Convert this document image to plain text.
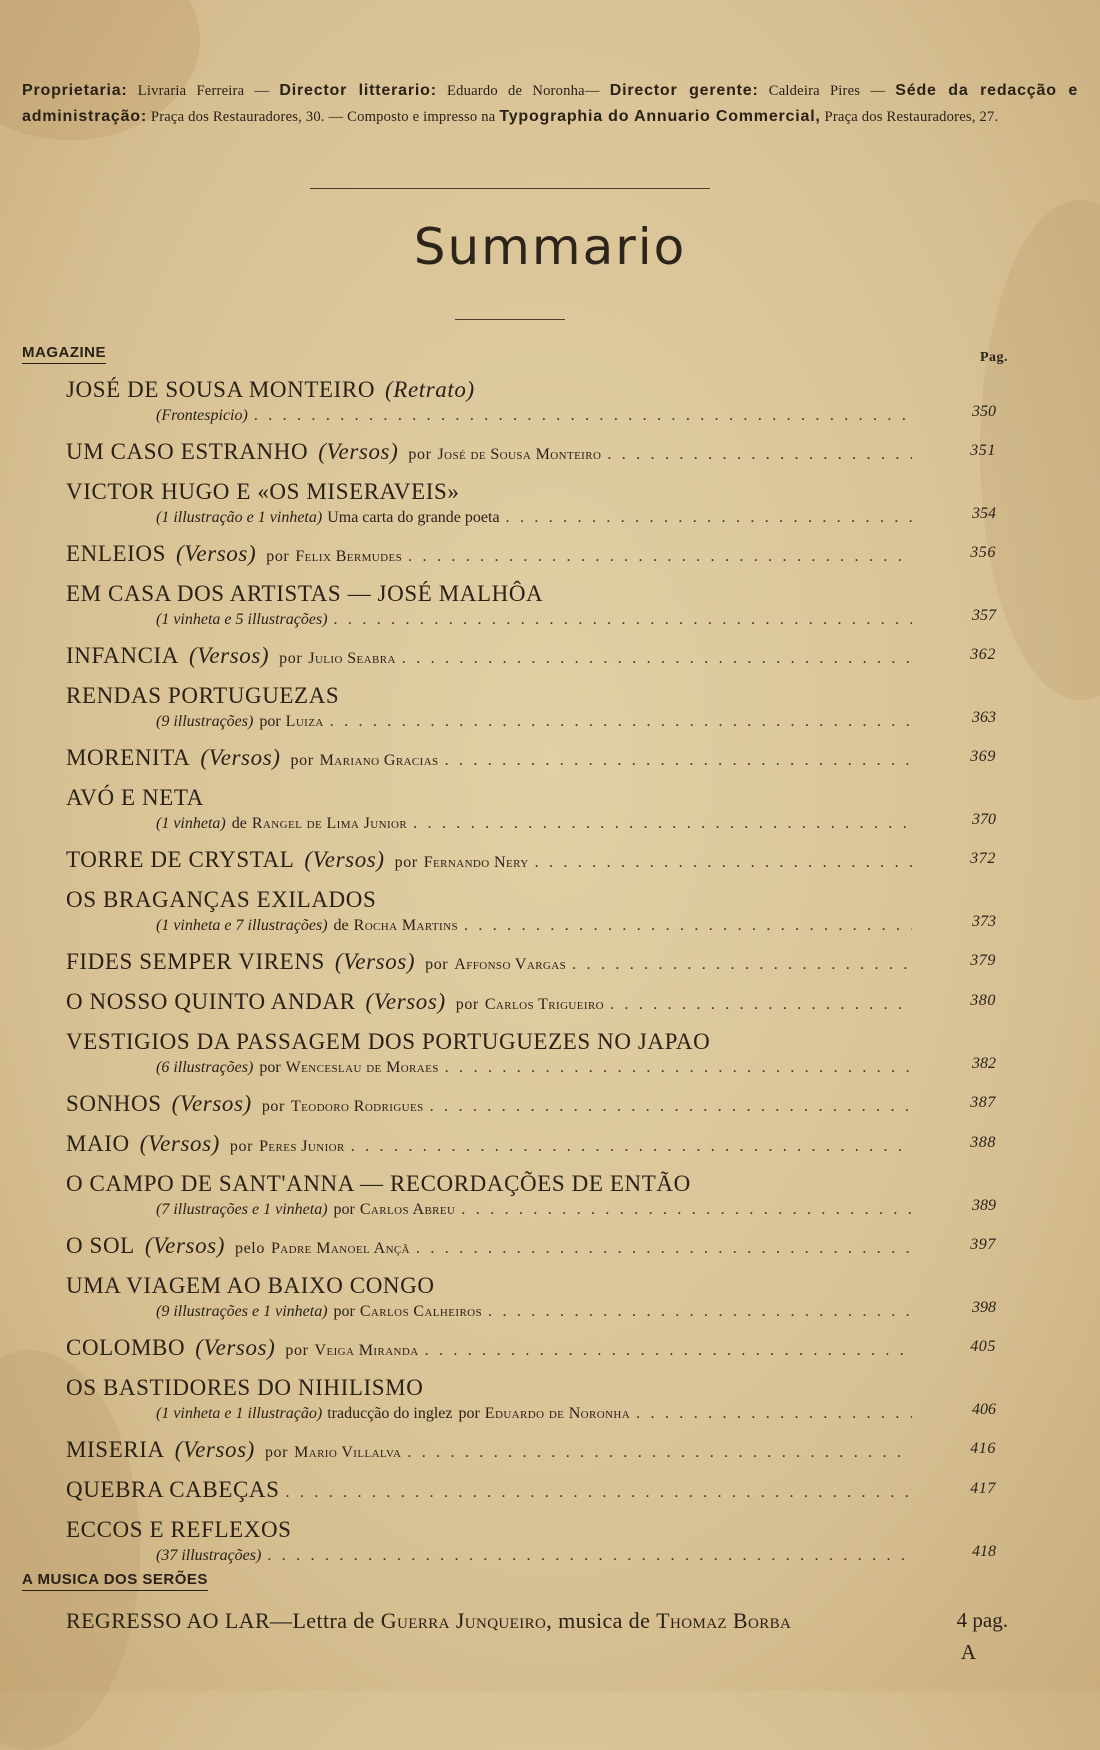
Proprietaria: Livraria Ferreira — Director litterario: Eduardo de Noronha— Director gerente: Caldeira Pires — Séde da redacção e administração: Praça dos Restauradores, 30. — Composto e impresso na Typographia do Annuario Commercial, Praça dos Restauradores, 27.
Summario
MAGAZINE	Pag.
JOSÉ DE SOUSA MONTEIRO (Retrato)
(Frontespicio) . . .	350
UM CASO ESTRANHO (Versos) por José de Sousa Monteiro . . .	351
VICTOR HUGO E «OS MISERAVEIS»
(1 illustração e 1 vinheta) Uma carta do grande poeta . . .	354
ENLEIOS (Versos) por Felix Bermudes . . .	356
EM CASA DOS ARTISTAS — JOSÉ MALHÔA
(1 vinheta e 5 illustrações) . . .	357
INFANCIA (Versos) por Julio Seabra . . .	362
RENDAS PORTUGUEZAS
(9 illustrações) por Luiza . . .	363
MORENITA (Versos) por Mariano Gracias . . .	369
AVÓ E NETA
(1 vinheta) de Rangel de Lima Junior . . .	370
TORRE DE CRYSTAL (Versos) por Fernando Nery . . .	372
OS BRAGANÇAS EXILADOS
(1 vinheta e 7 illustrações) de Rocha Martins . . .	373
FIDES SEMPER VIRENS (Versos) por Affonso Vargas . . .	379
O NOSSO QUINTO ANDAR (Versos) por Carlos Trigueiro . . .	380
VESTIGIOS DA PASSAGEM DOS PORTUGUEZES NO JAPAO
(6 illustrações) por Wenceslau de Moraes . . .	382
SONHOS (Versos) por Teodoro Rodrigues . . .	387
MAIO (Versos) por Peres Junior . . .	388
O CAMPO DE SANT'ANNA — RECORDAÇÕES DE ENTÃO
(7 illustrações e 1 vinheta) por Carlos Abreu . . .	389
O SOL (Versos) pelo Padre Manoel Ançã . . .	397
UMA VIAGEM AO BAIXO CONGO
(9 illustrações e 1 vinheta) por Carlos Calheiros . . .	398
COLOMBO (Versos) por Veiga Miranda . . .	405
OS BASTIDORES DO NIHILISMO
(1 vinheta e 1 illustração) traducção do inglez por Eduardo de Noronha . . .	406
MISERIA (Versos) por Mario Villalva . . .	416
QUEBRA CABEÇAS . . .	417
ECCOS E REFLEXOS
(37 illustrações) . . .	418
A MUSICA DOS SERÕES
REGRESSO AO LAR—Lettra de Guerra Junqueiro, musica de Thomaz Borba	4 pag.
A
